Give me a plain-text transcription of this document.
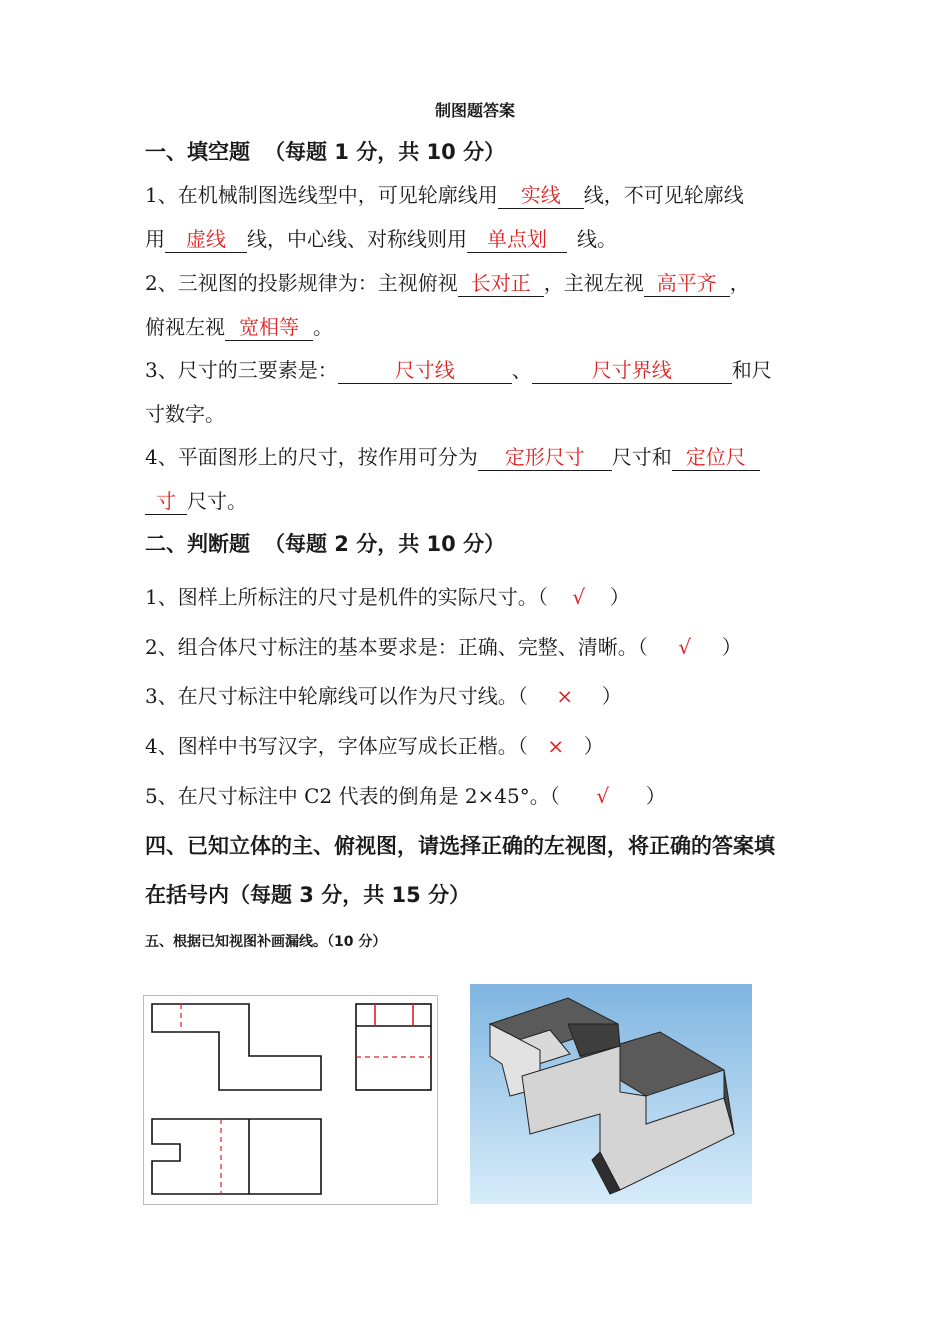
制图题答案
一、填空题 （每题 1 分，共 10 分）
1、在机械制图选线型中，可见轮廓线用 实线 线，不可见轮廓线
用 虚线 线，中心线、对称线则用 单点划 线。
2、三视图的投影规律为：主视俯视 长对正 ，主视左视 高平齐 ，
俯视左视 宽相等 。
3、尺寸的三要素是：	尺寸线	、	尺寸界线	和尺
寸数字。
4、平面图形上的尺寸，按作用可分为 定形尺寸 尺寸和 定位尺
寸 尺寸。
二、判断题 （每题 2 分，共 10 分）
1、图样上所标注的尺寸是机件的实际尺寸。（ √ ）
2、组合体尺寸标注的基本要求是：正确、完整、清晰。（ √ ）
3、在尺寸标注中轮廓线可以作为尺寸线。（ × ）
4、图样中书写汉字，字体应写成长正楷。（ × ）
5、在尺寸标注中 C2 代表的倒角是 2×45°。（ √ ）
四、已知立体的主、俯视图，请选择正确的左视图，将正确的答案填
在括号内（每题 3 分，共 15 分）
五、根据已知视图补画漏线。（10 分）
